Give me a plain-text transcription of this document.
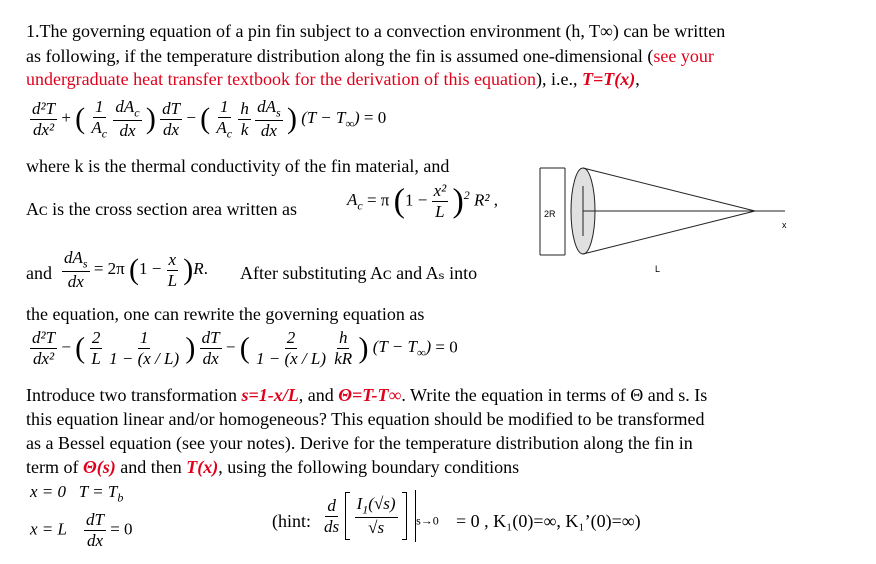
1.The governing equation of a pin fin subject to a convection environment (h, T∞) can be written
as following, if the temperature distribution along the fin is assumed one-dimensional (see your
undergraduate heat transfer textbook for the derivation of this equation), i.e., T=T(x),
$\frac{\text{d²T}}{\text{dx²}}$ + ( $\frac{1}{A_c}$
$\frac{dA_c}{dx}$ ) $\frac{dT}{dx}$ − ( $\frac{1}{A_c}$
$\frac{h}{k}$
$\frac{dA_s}{dx}$ ) $(T - T_\infty) = 0$
where k is the thermal conductivity of the fin material, and
Aᴄ is the cross section area written as	$A_c = \pi$ $(1 - \frac{\text{x²}}{L} )^2$ R² ,
and $\frac{dA_s}{dx} = 2\pi$ $(1 - \frac{x}{L} )R$. After substituting Aᴄ and Aₛ into
the equation, one can rewrite the governing equation as
$\frac{\text{d²T}}{\text{dx²}}$ − ( $\frac{2}{L}$
$\frac{1}{1 - (x / L)}$ ) $\frac{dT}{dx}$ − ( $\frac{2}{1 - (x / L)}$
$\frac{h}{kR}$ ) $(T - T_\infty) = 0$
Introduce two transformation s=1-x/L, and Θ=T-T∞. Write the equation in terms of Θ and s. Is
this equation linear and/or homogeneous? This equation should be modified to be transformed
as a Bessel equation (see your notes). Derive for the temperature distribution along the fin in
term of Θ(s) and then T(x), using the following boundary conditions
x = 0   $T = T_b$
x = L $\frac{dT}{dx} = 0$	(hint: $\frac{d}{ds}$
$\frac{I_1(√s)}{√s} _{s\to 0} = 0$ , K₁(0)=∞, K₁’(0)=∞)
2R
x
L
